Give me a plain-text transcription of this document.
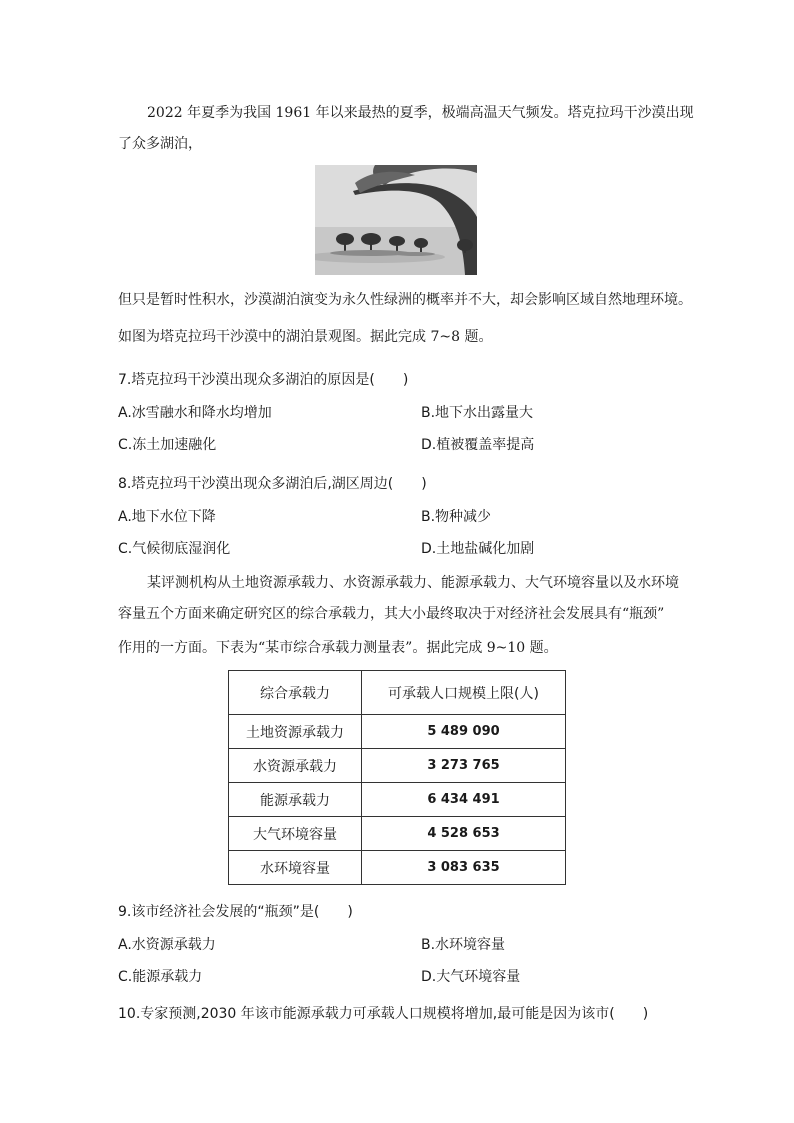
2022 年夏季为我国 1961 年以来最热的夏季，极端高温天气频发。塔克拉玛干沙漠出现
了众多湖泊，
但只是暂时性积水，沙漠湖泊演变为永久性绿洲的概率并不大，却会影响区域自然地理环境。
如图为塔克拉玛干沙漠中的湖泊景观图。据此完成 7~8 题。
7.塔克拉玛干沙漠出现众多湖泊的原因是(　　)
A.冰雪融水和降水均增加	B.地下水出露量大
C.冻土加速融化	D.植被覆盖率提高
8.塔克拉玛干沙漠出现众多湖泊后,湖区周边(　　)
A.地下水位下降	B.物种减少
C.气候彻底湿润化	D.土地盐碱化加剧
某评测机构从土地资源承载力、水资源承载力、能源承载力、大气环境容量以及水环境
容量五个方面来确定研究区的综合承载力，其大小最终取决于对经济社会发展具有“瓶颈”
作用的一方面。下表为“某市综合承载力测量表”。据此完成 9~10 题。
综合承载力	可承载人口规模上限(人)
土地资源承载力	5 489 090
水资源承载力	3 273 765
能源承载力	6 434 491
大气环境容量	4 528 653
水环境容量	3 083 635
9.该市经济社会发展的“瓶颈”是(　　)
A.水资源承载力	B.水环境容量
C.能源承载力	D.大气环境容量
10.专家预测,2030 年该市能源承载力可承载人口规模将增加,最可能是因为该市(　　)
